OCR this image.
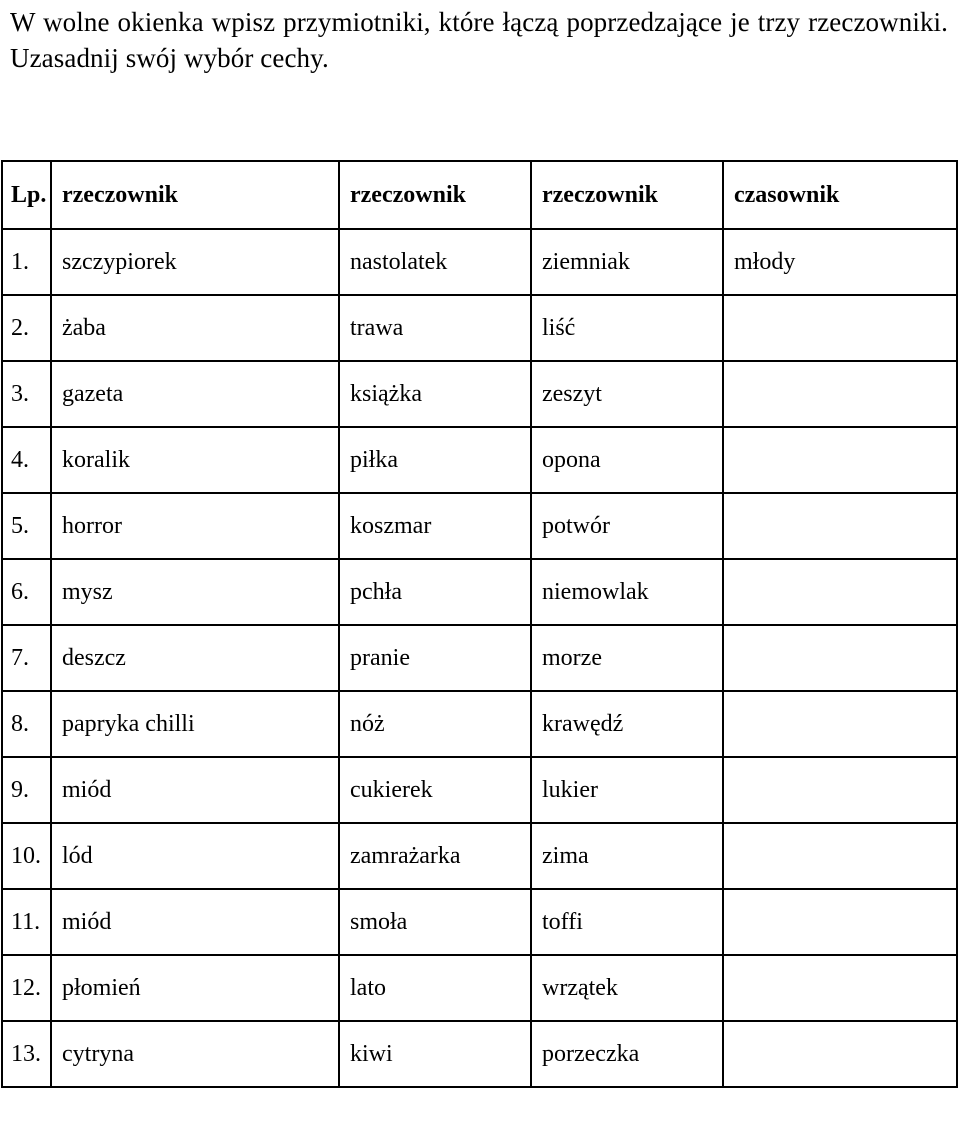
W wolne okienka wpisz przymiotniki, które łączą poprzedzające je trzy rzeczowniki. Uzasadnij swój wybór cechy.
Lp.	rzeczownik	rzeczownik	rzeczownik	czasownik
1.	szczypiorek	nastolatek	ziemniak	młody
2.	żaba	trawa	liść	
3.	gazeta	książka	zeszyt	
4.	koralik	piłka	opona	
5.	horror	koszmar	potwór	
6.	mysz	pchła	niemowlak	
7.	deszcz	pranie	morze	
8.	papryka chilli	nóż	krawędź	
9.	miód	cukierek	lukier	
10.	lód	zamrażarka	zima	
11.	miód	smoła	toffi	
12.	płomień	lato	wrzątek	
13.	cytryna	kiwi	porzeczka	
